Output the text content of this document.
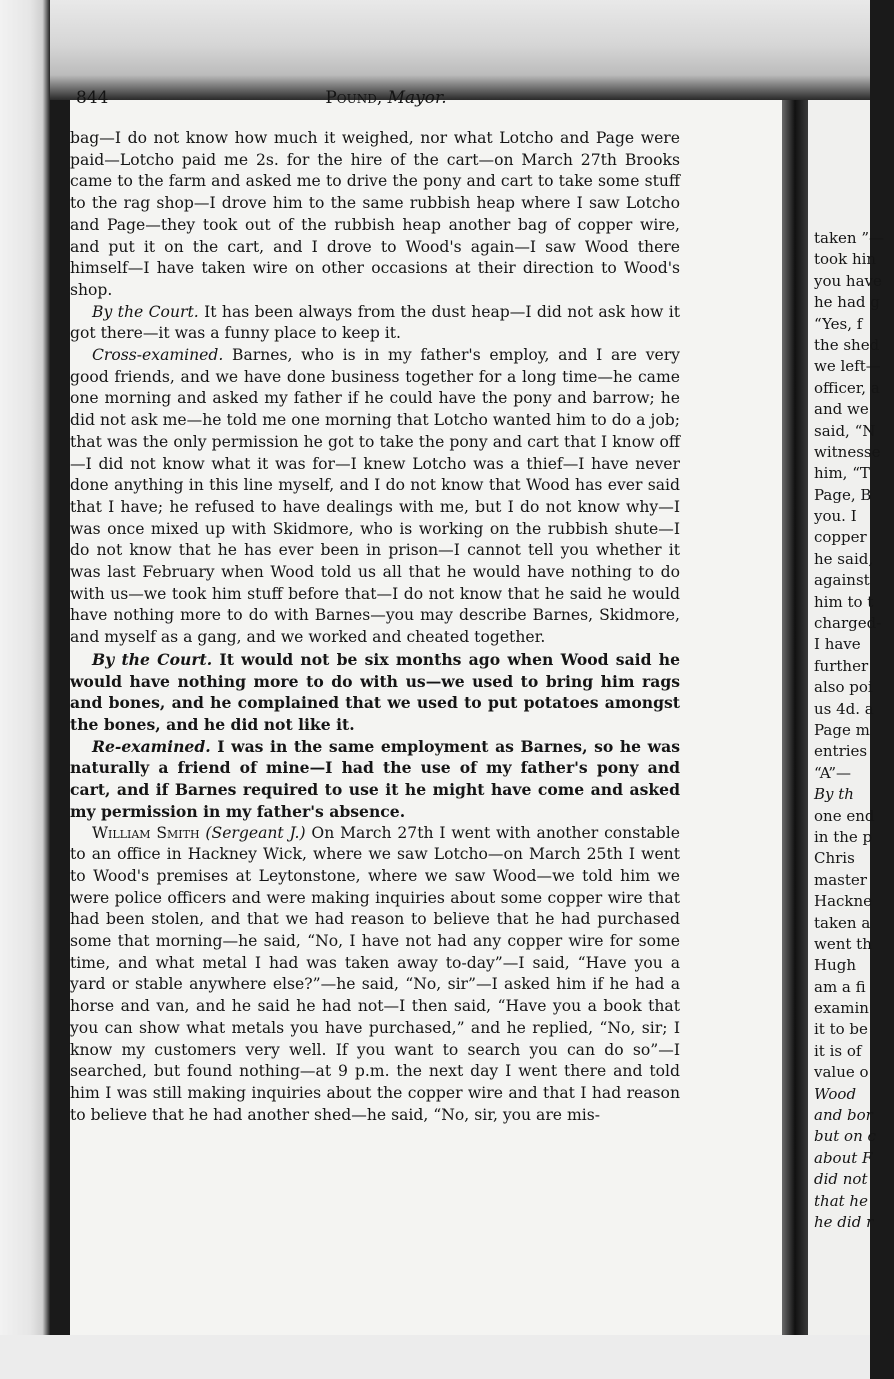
taken ”—
took hin
you have
he had g
“Yes, f
the shed
we left—
officer, a
and we
said, “N
witnesse
him, “T
Page, B
you. I
copper
he said,
against
him to t
charged-
I have
further
also poi
us 4d. a
Page m
entries
“A”—
By th
one end
in the p
Chris
master
Hackne
taken a
went th
Hugh
am a fi
examin
it to be
it is of
value o
Wood
and bor
but on c
about F
did not
that he
he did r
844	Pound, Mayor.

bag—I do not know how much it weighed, nor what Lotcho and Page were paid—Lotcho paid me 2s. for the hire of the cart—on March 27th Brooks came to the farm and asked me to drive the pony and cart to take some stuff to the rag shop—I drove him to the same rubbish heap where I saw Lotcho and Page—they took out of the rubbish heap another bag of copper wire, and put it on the cart, and I drove to Wood's again—I saw Wood there himself—I have taken wire on other occasions at their direction to Wood's shop.

By the Court. It has been always from the dust heap—I did not ask how it got there—it was a funny place to keep it.

Cross-examined. Barnes, who is in my father's employ, and I are very good friends, and we have done business together for a long time—he came one morning and asked my father if he could have the pony and barrow; he did not ask me—he told me one morning that Lotcho wanted him to do a job; that was the only permission he got to take the pony and cart that I know off—I did not know what it was for—I knew Lotcho was a thief—I have never done anything in this line myself, and I do not know that Wood has ever said that I have; he refused to have dealings with me, but I do not know why—I was once mixed up with Skidmore, who is working on the rubbish shute—I do not know that he has ever been in prison—I cannot tell you whether it was last February when Wood told us all that he would have nothing to do with us—we took him stuff before that—I do not know that he said he would have nothing more to do with Barnes—you may describe Barnes, Skidmore, and myself as a gang, and we worked and cheated together.

By the Court. It would not be six months ago when Wood said he would have nothing more to do with us—we used to bring him rags and bones, and he complained that we used to put potatoes amongst the bones, and he did not like it.

Re-examined. I was in the same employment as Barnes, so he was naturally a friend of mine—I had the use of my father's pony and cart, and if Barnes required to use it he might have come and asked my permission in my father's absence.

William Smith (Sergeant J.) On March 27th I went with another constable to an office in Hackney Wick, where we saw Lotcho—on March 25th I went to Wood's premises at Leytonstone, where we saw Wood—we told him we were police officers and were making inquiries about some copper wire that had been stolen, and that we had reason to believe that he had purchased some that morning—he said, “No, I have not had any copper wire for some time, and what metal I had was taken away to-day”—I said, “Have you a yard or stable anywhere else?”—he said, “No, sir”—I asked him if he had a horse and van, and he said he had not—I then said, “Have you a book that you can show what metals you have purchased,” and he replied, “No, sir; I know my customers very well. If you want to search you can do so”—I searched, but found nothing—at 9 p.m. the next day I went there and told him I was still making inquiries about the copper wire and that I had reason to believe that he had another shed—he said, “No, sir, you are mis-
